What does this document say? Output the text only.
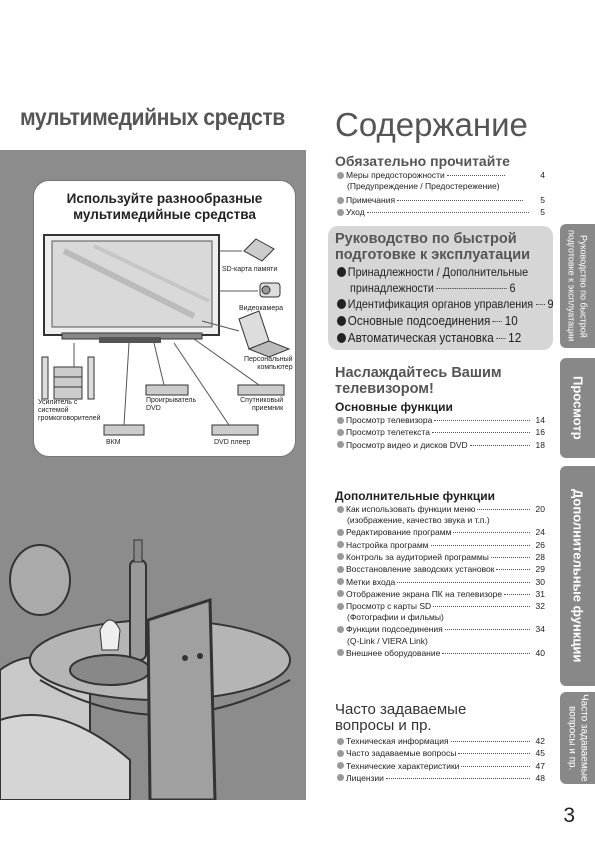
мультимедийных средств
Используйте разнообразные
мультимедийные средства
SD-карта памяти
Видеокамера
Персональный
компьютер
Усилитель с
системой
громкоговорителей
Проигрыватель
DVD
Спутниковый
приемник
ВКМ	DVD плеер
Содержание
Обязательно прочитайте
Меры предосторожности	4
(Предупреждение / Предостережение)
Примечания	5
Уход	5
Руководство по быстрой
подготовке к эксплуатации
Принадлежности / Дополнительные
принадлежности	6
Идентификация органов управления 9
Основные подсоединения 10
Автоматическая установка 12
Наслаждайтесь Вашим
телевизором!
Основные функции
Просмотр телевизора	14
Просмотр телетекста	16
Просмотр видео и дисков DVD	18
Дополнительные функции
Как использовать функции меню	20
(изображение, качество звука и т.п.)
Редактирование программ	24
Настройка программ	26
Контроль за аудиторией программы	28
Восстановление заводских установок	29
Метки входа	30
Отображение экрана ПК на телевизоре	31
Просмотр с карты SD	32
(Фотографии и фильмы)
Функции подсоединения	34
(Q-Link / VIERA Link)
Внешнее оборудование	40
Часто задаваемые
вопросы и пр.
Техническая информация	42
Часто задаваемые вопросы	45
Технические характеристики	47
Лицензии	48
Руководство по быстрой подготовке к эксплуатации
Просмотр
Дополнительные функции
Часто задаваемые вопросы и пр.
3
